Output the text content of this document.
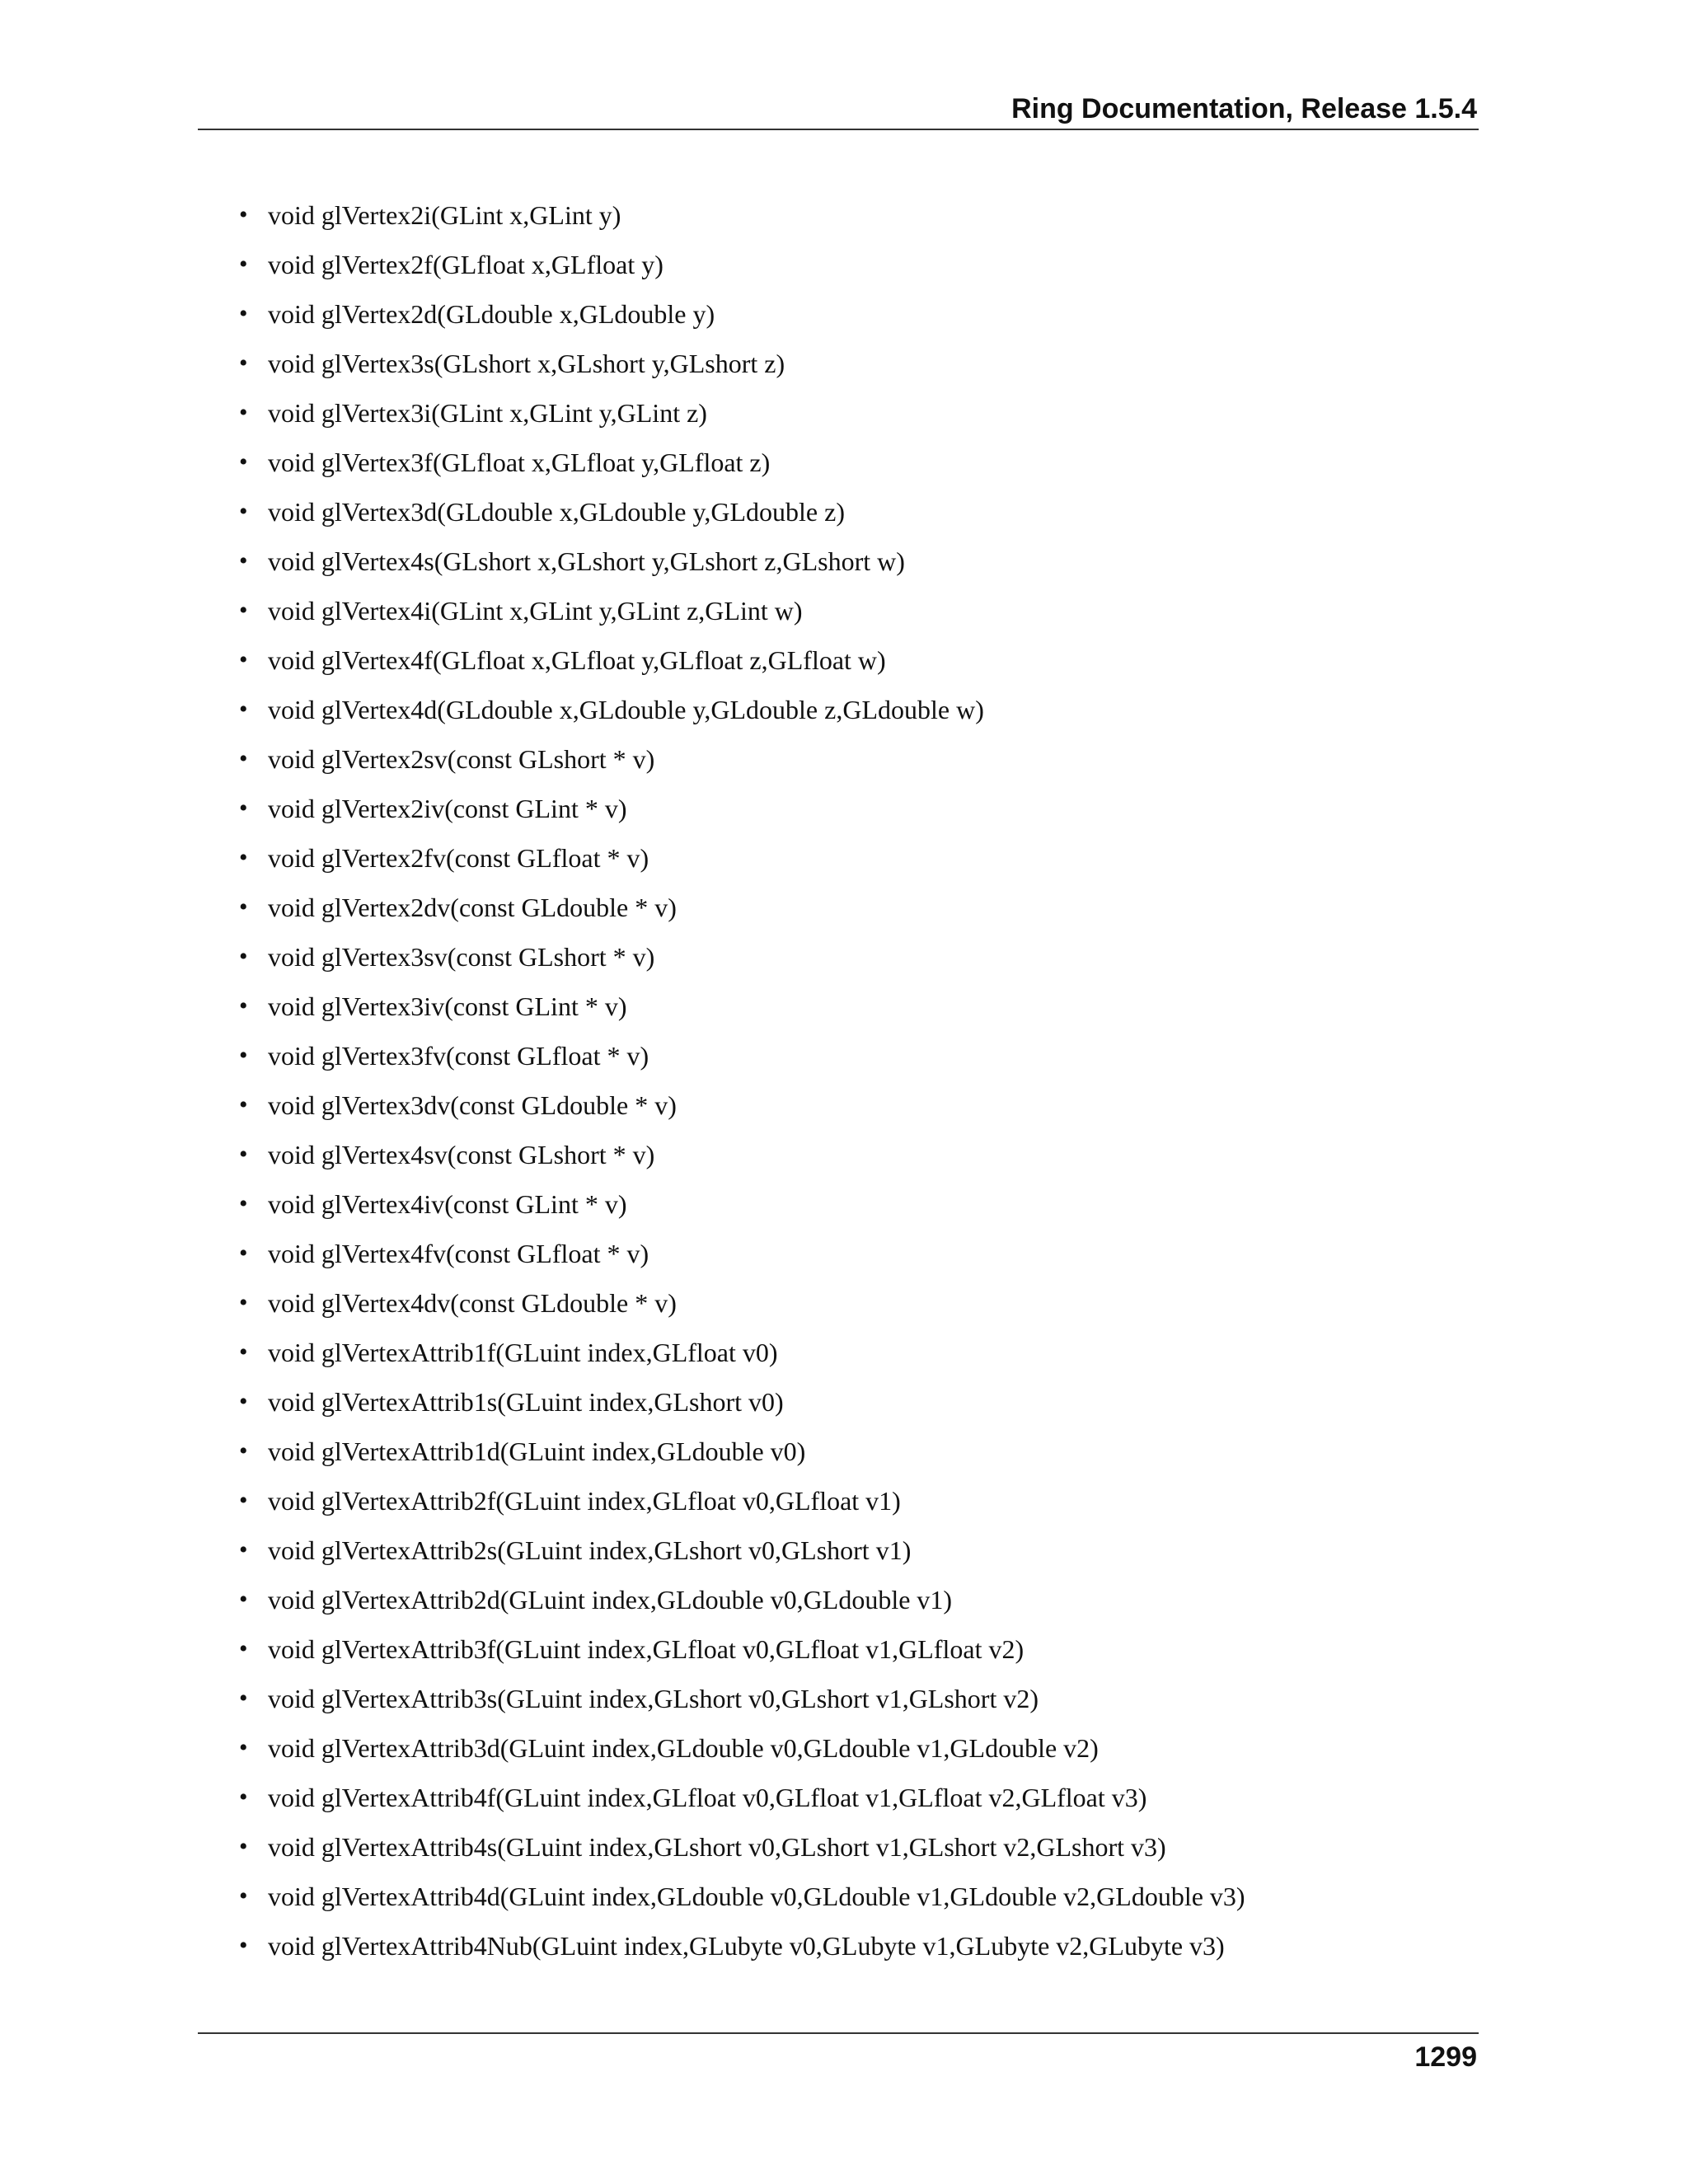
Ring Documentation, Release 1.5.4
• void glVertex2i(GLint x,GLint y)
• void glVertex2f(GLfloat x,GLfloat y)
• void glVertex2d(GLdouble x,GLdouble y)
• void glVertex3s(GLshort x,GLshort y,GLshort z)
• void glVertex3i(GLint x,GLint y,GLint z)
• void glVertex3f(GLfloat x,GLfloat y,GLfloat z)
• void glVertex3d(GLdouble x,GLdouble y,GLdouble z)
• void glVertex4s(GLshort x,GLshort y,GLshort z,GLshort w)
• void glVertex4i(GLint x,GLint y,GLint z,GLint w)
• void glVertex4f(GLfloat x,GLfloat y,GLfloat z,GLfloat w)
• void glVertex4d(GLdouble x,GLdouble y,GLdouble z,GLdouble w)
• void glVertex2sv(const GLshort * v)
• void glVertex2iv(const GLint * v)
• void glVertex2fv(const GLfloat * v)
• void glVertex2dv(const GLdouble * v)
• void glVertex3sv(const GLshort * v)
• void glVertex3iv(const GLint * v)
• void glVertex3fv(const GLfloat * v)
• void glVertex3dv(const GLdouble * v)
• void glVertex4sv(const GLshort * v)
• void glVertex4iv(const GLint * v)
• void glVertex4fv(const GLfloat * v)
• void glVertex4dv(const GLdouble * v)
• void glVertexAttrib1f(GLuint index,GLfloat v0)
• void glVertexAttrib1s(GLuint index,GLshort v0)
• void glVertexAttrib1d(GLuint index,GLdouble v0)
• void glVertexAttrib2f(GLuint index,GLfloat v0,GLfloat v1)
• void glVertexAttrib2s(GLuint index,GLshort v0,GLshort v1)
• void glVertexAttrib2d(GLuint index,GLdouble v0,GLdouble v1)
• void glVertexAttrib3f(GLuint index,GLfloat v0,GLfloat v1,GLfloat v2)
• void glVertexAttrib3s(GLuint index,GLshort v0,GLshort v1,GLshort v2)
• void glVertexAttrib3d(GLuint index,GLdouble v0,GLdouble v1,GLdouble v2)
• void glVertexAttrib4f(GLuint index,GLfloat v0,GLfloat v1,GLfloat v2,GLfloat v3)
• void glVertexAttrib4s(GLuint index,GLshort v0,GLshort v1,GLshort v2,GLshort v3)
• void glVertexAttrib4d(GLuint index,GLdouble v0,GLdouble v1,GLdouble v2,GLdouble v3)
• void glVertexAttrib4Nub(GLuint index,GLubyte v0,GLubyte v1,GLubyte v2,GLubyte v3)
1299
